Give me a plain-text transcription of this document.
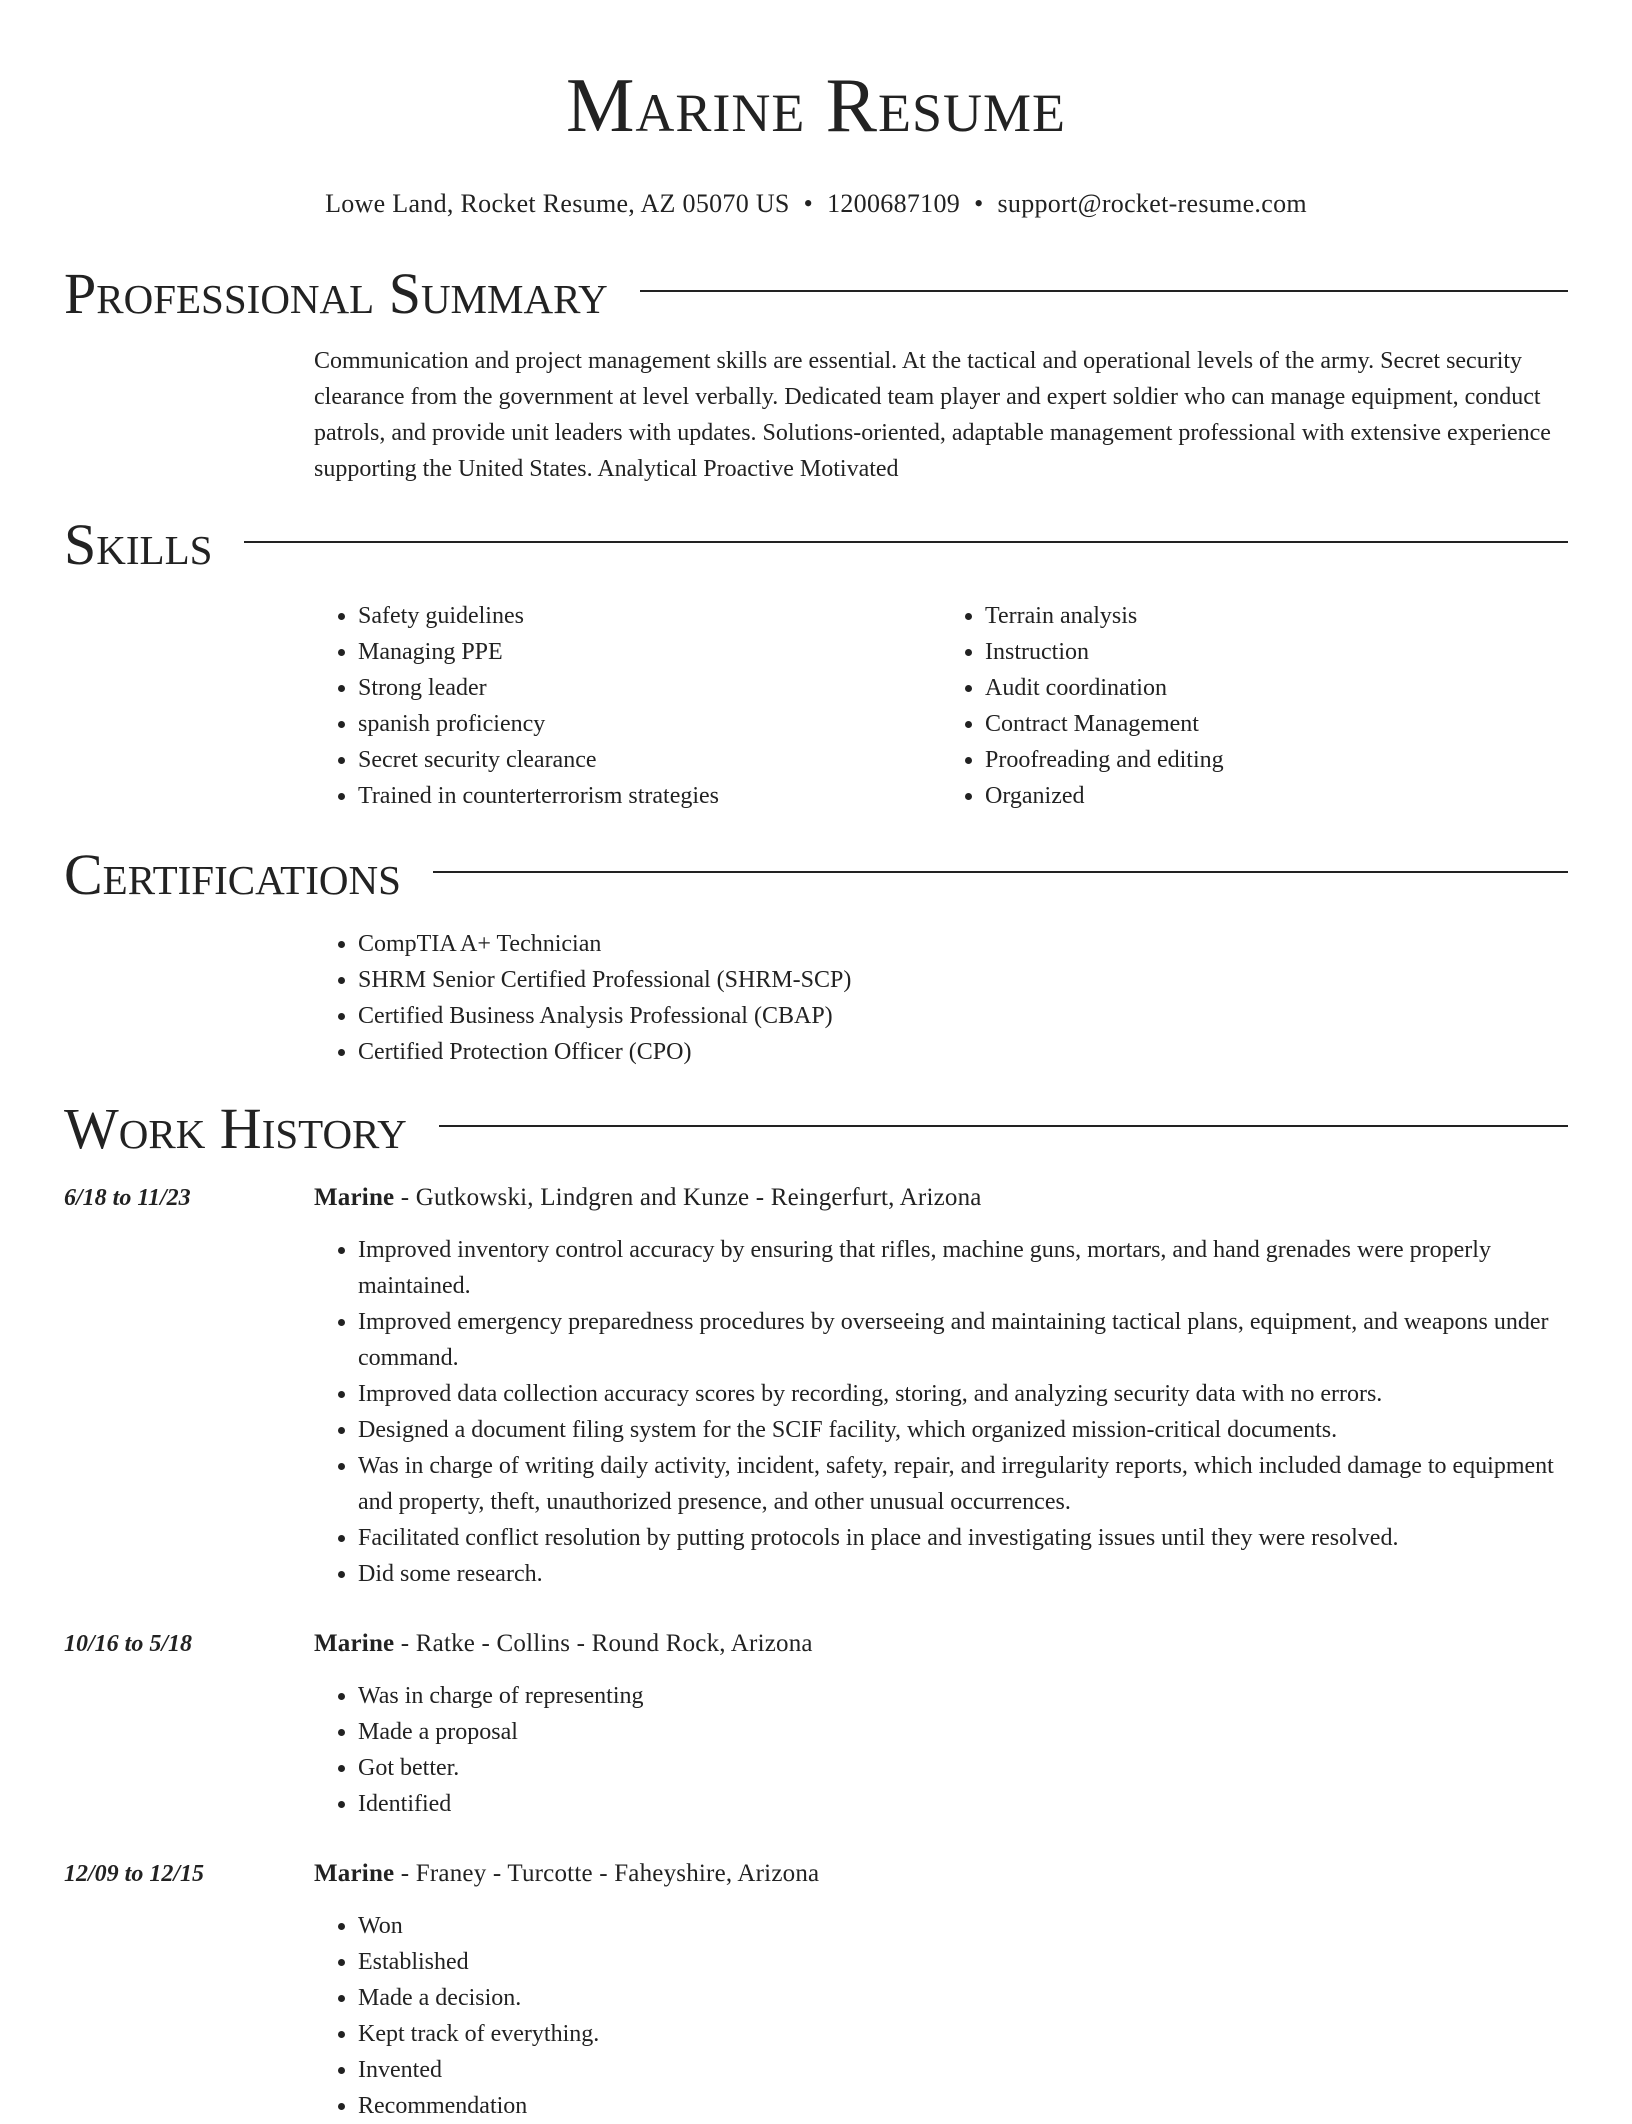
Marine Resume
Lowe Land, Rocket Resume, AZ 05070 US • 1200687109 • support@rocket-resume.com
Professional Summary

Communication and project management skills are essential. At the tactical and operational levels of the army. Secret security clearance from the government at level verbally. Dedicated team player and expert soldier who can manage equipment, conduct patrols, and provide unit leaders with updates. Solutions-oriented, adaptable management professional with extensive experience supporting the United States. Analytical Proactive Motivated

Skills
• Safety guidelines
• Managing PPE
• Strong leader
• spanish proficiency
• Secret security clearance
• Trained in counterterrorism strategies
• Terrain analysis
• Instruction
• Audit coordination
• Contract Management
• Proofreading and editing
• Organized
Certifications
• CompTIA A+ Technician
• SHRM Senior Certified Professional (SHRM-SCP)
• Certified Business Analysis Professional (CBAP)
• Certified Protection Officer (CPO)
Work History
6/18 to 11/23	Marine - Gutkowski, Lindgren and Kunze - Reingerfurt, Arizona
• Improved inventory control accuracy by ensuring that rifles, machine guns, mortars, and hand grenades were properly maintained.
• Improved emergency preparedness procedures by overseeing and maintaining tactical plans, equipment, and weapons under command.
• Improved data collection accuracy scores by recording, storing, and analyzing security data with no errors.
• Designed a document filing system for the SCIF facility, which organized mission-critical documents.
• Was in charge of writing daily activity, incident, safety, repair, and irregularity reports, which included damage to equipment and property, theft, unauthorized presence, and other unusual occurrences.
• Facilitated conflict resolution by putting protocols in place and investigating issues until they were resolved.
• Did some research.
10/16 to 5/18	Marine - Ratke - Collins - Round Rock, Arizona
• Was in charge of representing
• Made a proposal
• Got better.
• Identified
12/09 to 12/15	Marine - Franey - Turcotte - Faheyshire, Arizona
• Won
• Established
• Made a decision.
• Kept track of everything.
• Invented
• Recommendation
